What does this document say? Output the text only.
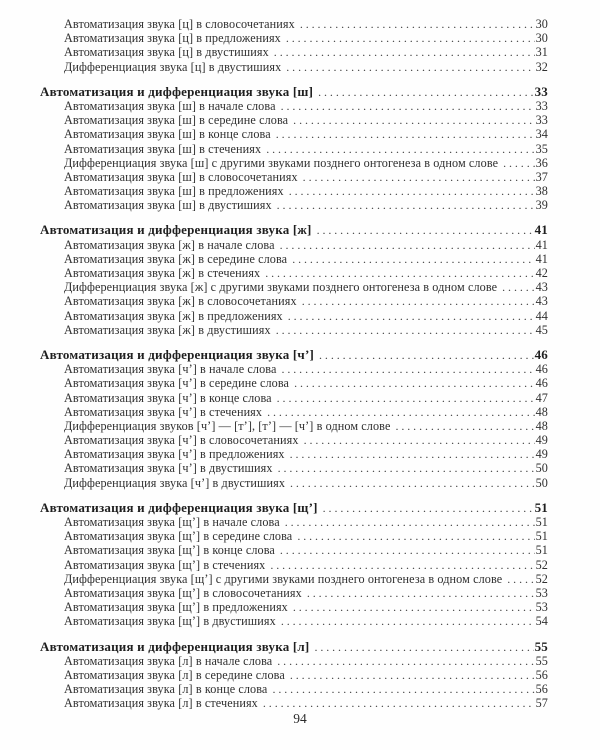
Автоматизация звука [ц] в словосочетаниях .....	30
Автоматизация звука [ц] в предложениях .....	30
Автоматизация звука [ц] в двустишиях .....	31
Дифференциация звука [ц] в двустишиях .....	32
Автоматизация и дифференциация звука [ш] .....	33
Автоматизация звука [ш] в начале слова .....	33
Автоматизация звука [ш] в середине слова .....	33
Автоматизация звука [ш] в конце слова .....	34
Автоматизация звука [ш] в стечениях .....	35
Дифференциация звука [ш] с другими звуками позднего онтогенеза в одном слове .....	36
Автоматизация звука [ш] в словосочетаниях .....	37
Автоматизация звука [ш] в предложениях .....	38
Автоматизация звука [ш] в двустишиях .....	39
Автоматизация и дифференциация звука [ж] .....	41
Автоматизация звука [ж] в начале слова .....	41
Автоматизация звука [ж] в середине слова .....	41
Автоматизация звука [ж] в стечениях .....	42
Дифференциация звука [ж] с другими звуками позднего онтогенеза в одном слове .....	43
Автоматизация звука [ж] в словосочетаниях .....	43
Автоматизация звука [ж] в предложениях .....	44
Автоматизация звука [ж] в двустишиях .....	45
Автоматизация и дифференциация звука [ч’] .....	46
Автоматизация звука [ч’] в начале слова .....	46
Автоматизация звука [ч’] в середине слова .....	46
Автоматизация звука [ч’] в конце слова .....	47
Автоматизация звука [ч’] в стечениях .....	48
Дифференциация звуков [ч’] — [т’], [т’] — [ч’] в одном слове .....	48
Автоматизация звука [ч’] в словосочетаниях .....	49
Автоматизация звука [ч’] в предложениях .....	49
Автоматизация звука [ч’] в двустишиях .....	50
Дифференциация звука [ч’] в двустишиях .....	50
Автоматизация и дифференциация звука [щ’] .....	51
Автоматизация звука [щ’] в начале слова .....	51
Автоматизация звука [щ’] в середине слова .....	51
Автоматизация звука [щ’] в конце слова .....	51
Автоматизация звука [щ’] в стечениях .....	52
Дифференциация звука [щ’] с другими звуками позднего онтогенеза в одном слове .....	52
Автоматизация звука [щ’] в словосочетаниях .....	53
Автоматизация звука [щ’] в предложениях .....	53
Автоматизация звука [щ’] в двустишиях .....	54
Автоматизация и дифференциация звука [л] .....	55
Автоматизация звука [л] в начале слова .....	55
Автоматизация звука [л] в середине слова .....	56
Автоматизация звука [л] в конце слова .....	56
Автоматизация звука [л] в стечениях .....	57
94
